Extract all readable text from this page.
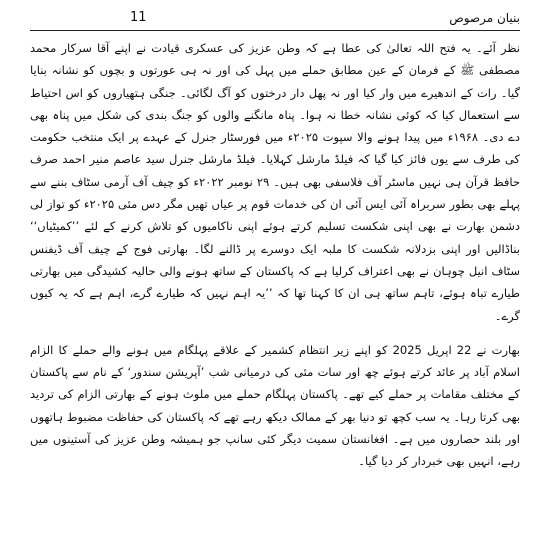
11	بنیان مرصوص

نظر آئے۔ یہ فتح اللہ تعالیٰ کی عطا ہے کہ وطن عزیز کی عسکری قیادت نے اپنے آقا سرکار محمد مصطفی ﷺ کے فرمان کے عین مطابق حملے میں پہل کی اور نہ ہی عورتوں و بچوں کو نشانہ بنایا گیا۔ رات کے اندھیرے میں وار کیا اور نہ پھل دار درختوں کو آگ لگائی۔ جنگی ہتھیاروں کو اس احتیاط سے استعمال کیا کہ کوئی نشانہ خطا نہ ہوا۔ پناہ مانگنے والوں کو جنگ بندی کی شکل میں پناہ بھی دے دی۔ ۱۹۶۸ء میں پیدا ہونے والا سپوت ۲۰۲۵ء میں فورسٹار جنرل کے عہدے پر ایک منتخب حکومت کی طرف سے یوں فائز کیا گیا کہ فیلڈ مارشل کہلایا۔ فیلڈ مارشل جنرل سید عاصم منیر احمد صرف حافظ قرآن ہی نہیں ماسٹر آف فلاسفی بھی ہیں۔ ۲۹ نومبر ۲۰۲۲ء کو چیف آف آرمی سٹاف بننے سے پہلے بھی بطور سربراہ آئی ایس آئی ان کی خدمات قوم پر عیاں تھیں مگر دس مئی ۲۰۲۵ء کو تواز لی دشمن بھارت نے بھی اپنی شکست تسلیم کرتے ہوئے اپنی ناکامیوں کو تلاش کرنے کے لئے ’’کمیٹیاں‘‘ بناڈالیں اور اپنی بزدلانہ شکست کا ملبہ ایک دوسرے پر ڈالنے لگا۔ بھارتی فوج کے چیف آف ڈیفنس سٹاف انیل چوہان نے بھی اعتراف کرلیا ہے کہ پاکستان کے ساتھ ہونے والی حالیہ کشیدگی میں بھارتی طیارے تباہ ہوئے، تاہم ساتھ ہی ان کا کہنا تھا کہ ’’یہ اہم نہیں کہ طیارے گرے، اہم ہے کہ یہ کیوں گرے۔

بھارت نے 22 اپریل 2025 کو اپنے زیر انتظام کشمیر کے علاقے پہلگام میں ہونے والے حملے کا الزام اسلام آباد پر عائد کرتے ہوئے چھ اور سات مئی کی درمیانی شب ’آپریشن سندور‘ کے نام سے پاکستان کے مختلف مقامات پر حملے کیے تھے۔ پاکستان پہلگام حملے میں ملوث ہونے کے بھارتی الزام کی تردید بھی کرتا رہا۔ یہ سب کچھ تو دنیا بھر کے ممالک دیکھ رہے تھے کہ پاکستان کی حفاظت مضبوط ہاتھوں اور بلند حصاروں میں ہے۔ افغانستان سمیت دیگر کئی سانپ جو ہمیشہ وطن عزیز کی آستینوں میں رہے، انہیں بھی خبردار کر دیا گیا۔
